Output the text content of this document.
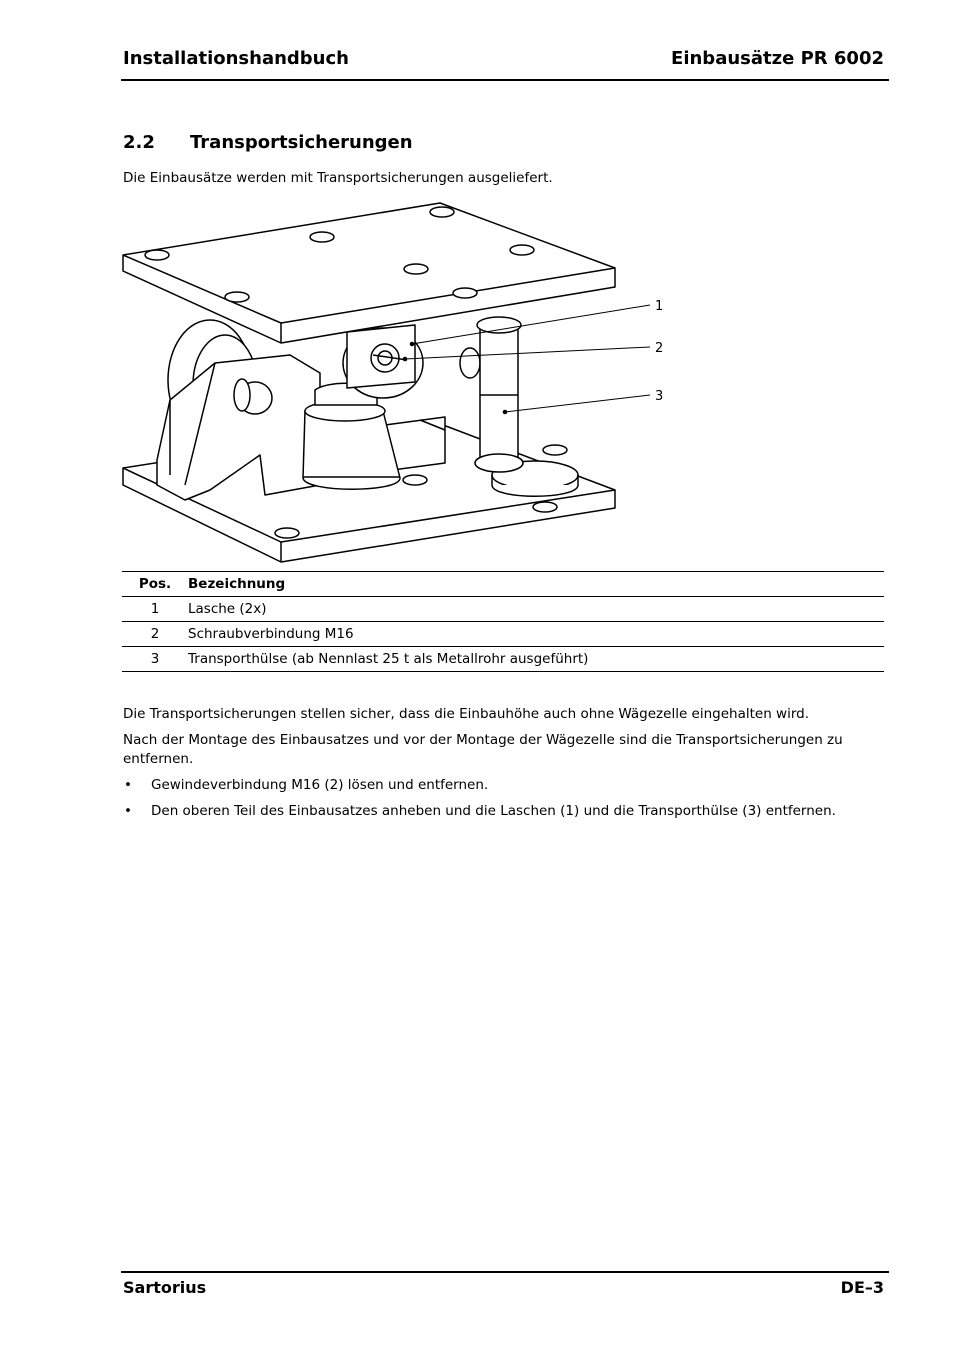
Installationshandbuch	Einbausätze PR 6002
2.2 Transportsicherungen
Die Einbausätze werden mit Transportsicherungen ausgeliefert.
1
2
3
Pos.	Bezeichnung
1	Lasche (2x)
2	Schraubverbindung M16
3	Transporthülse (ab Nennlast 25 t als Metallrohr ausgeführt)
Die Transportsicherungen stellen sicher, dass die Einbauhöhe auch ohne Wägezelle eingehalten wird.
Nach der Montage des Einbausatzes und vor der Montage der Wägezelle sind die Transportsicherungen zu entfernen.
• Gewindeverbindung M16 (2) lösen und entfernen.
• Den oberen Teil des Einbausatzes anheben und die Laschen (1) und die Transporthülse (3) entfernen.
Sartorius	DE–3
